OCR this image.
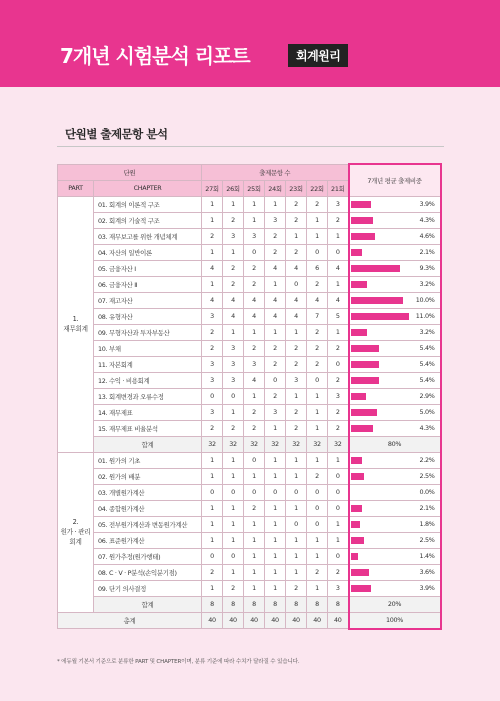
7개년 시험분석 리포트	회계원리
단원별 출제문항 분석
단원		출제문항 수							7개년 평균 출제비중
PART	CHAPTER	27회	26회	25회	24회	23회	22회	21회	
1.
재무회계	01. 회계의 이론적 구조	1	1	1	1	2	2	3	3.9%

	02. 회계의 기술적 구조	1	2	1	3	2	1	2	4.3%

	03. 재무보고를 위한 개념체계	2	3	3	2	1	1	1	4.6%

	04. 자산의 일반이론	1	1	0	2	2	0	0	2.1%

	05. 금융자산 Ⅰ	4	2	2	4	4	6	4	9.3%

	06. 금융자산 Ⅱ	1	2	2	1	0	2	1	3.2%

	07. 재고자산	4	4	4	4	4	4	4	10.0%

	08. 유형자산	3	4	4	4	4	7	5	11.0%

	09. 무형자산과 투자부동산	2	1	1	1	1	2	1	3.2%

	10. 부채	2	3	2	2	2	2	2	5.4%

	11. 자본회계	3	3	3	2	2	2	0	5.4%

	12. 수익 · 비용회계	3	3	4	0	3	0	2	5.4%

	13. 회계변경과 오류수정	0	0	1	2	1	1	3	2.9%

	14. 재무제표	3	1	2	3	2	1	2	5.0%

	15. 재무제표 비율분석	2	2	2	1	2	1	2	4.3%

	합계	32	32	32	32	32	32	32	80%
2.
원가 · 관리
회계	01. 원가의 기초	1	1	0	1	1	1	1	2.2%

	02. 원가의 배분	1	1	1	1	1	2	0	2.5%

	03. 개별원가계산	0	0	0	0	0	0	0	0.0%

	04. 종합원가계산	1	1	2	1	1	0	0	2.1%

	05. 전부원가계산과 변동원가계산	1	1	1	1	0	0	1	1.8%

	06. 표준원가계산	1	1	1	1	1	1	1	2.5%

	07. 원가추정(원가행태)	0	0	1	1	1	1	0	1.4%

	08. C · V · P분석(손익분기점)	2	1	1	1	1	2	2	3.6%

	09. 단기 의사결정	1	2	1	1	2	1	3	3.9%

	합계	8	8	8	8	8	8	8	20%
총계		40	40	40	40	40	40	40	100%
* 에듀윌 기본서 기준으로 분류한 PART 및 CHAPTER이며, 분류 기준에 따라 수치가 달라질 수 있습니다.
